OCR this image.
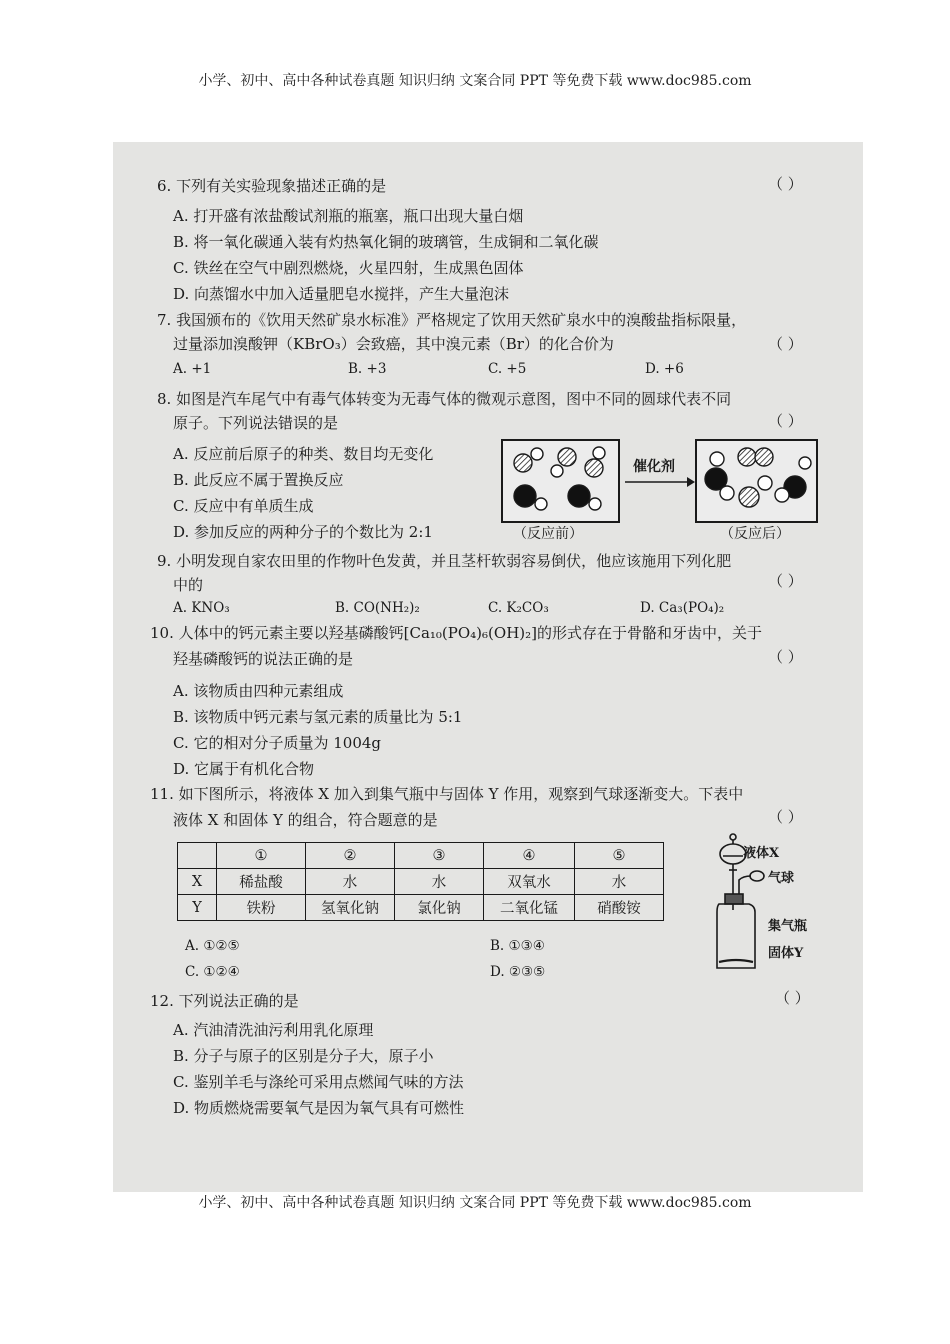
小学、初中、高中各种试卷真题 知识归纳 文案合同 PPT 等免费下载 www.doc985.com
6. 下列有关实验现象描述正确的是	（ ）
A. 打开盛有浓盐酸试剂瓶的瓶塞，瓶口出现大量白烟
B. 将一氧化碳通入装有灼热氧化铜的玻璃管，生成铜和二氧化碳
C. 铁丝在空气中剧烈燃烧，火星四射，生成黑色固体
D. 向蒸馏水中加入适量肥皂水搅拌，产生大量泡沫
7. 我国颁布的《饮用天然矿泉水标准》严格规定了饮用天然矿泉水中的溴酸盐指标限量，
过量添加溴酸钾（KBrO₃）会致癌，其中溴元素（Br）的化合价为	（ ）
A. +1	B. +3	C. +5	D. +6
8. 如图是汽车尾气中有毒气体转变为无毒气体的微观示意图，图中不同的圆球代表不同
原子。下列说法错误的是	（ ）
A. 反应前后原子的种类、数目均无变化
B. 此反应不属于置换反应
C. 反应中有单质生成
D. 参加反应的两种分子的个数比为 2:1
催化剂
（反应前）	（反应后）
9. 小明发现自家农田里的作物叶色发黄，并且茎杆软弱容易倒伏，他应该施用下列化肥
中的	（ ）
A. KNO₃	B. CO(NH₂)₂	C. K₂CO₃	D. Ca₃(PO₄)₂
10. 人体中的钙元素主要以羟基磷酸钙[Ca₁₀(PO₄)₆(OH)₂]的形式存在于骨骼和牙齿中，关于
羟基磷酸钙的说法正确的是	（ ）
A. 该物质由四种元素组成
B. 该物质中钙元素与氢元素的质量比为 5:1
C. 它的相对分子质量为 1004g
D. 它属于有机化合物
11. 如下图所示，将液体 X 加入到集气瓶中与固体 Y 作用，观察到气球逐渐变大。下表中
液体 X 和固体 Y 的组合，符合题意的是	（ ）
	①	②	③	④	⑤
X	稀盐酸	水	水	双氧水	水
Y	铁粉	氢氧化钠	氯化钠	二氧化锰	硝酸铵
A. ①②⑤	B. ①③④
C. ①②④	D. ②③⑤
液体X
气球
集气瓶
固体Y
12. 下列说法正确的是	（ ）
A. 汽油清洗油污利用乳化原理
B. 分子与原子的区别是分子大，原子小
C. 鉴别羊毛与涤纶可采用点燃闻气味的方法
D. 物质燃烧需要氧气是因为氧气具有可燃性
小学、初中、高中各种试卷真题 知识归纳 文案合同 PPT 等免费下载 www.doc985.com
